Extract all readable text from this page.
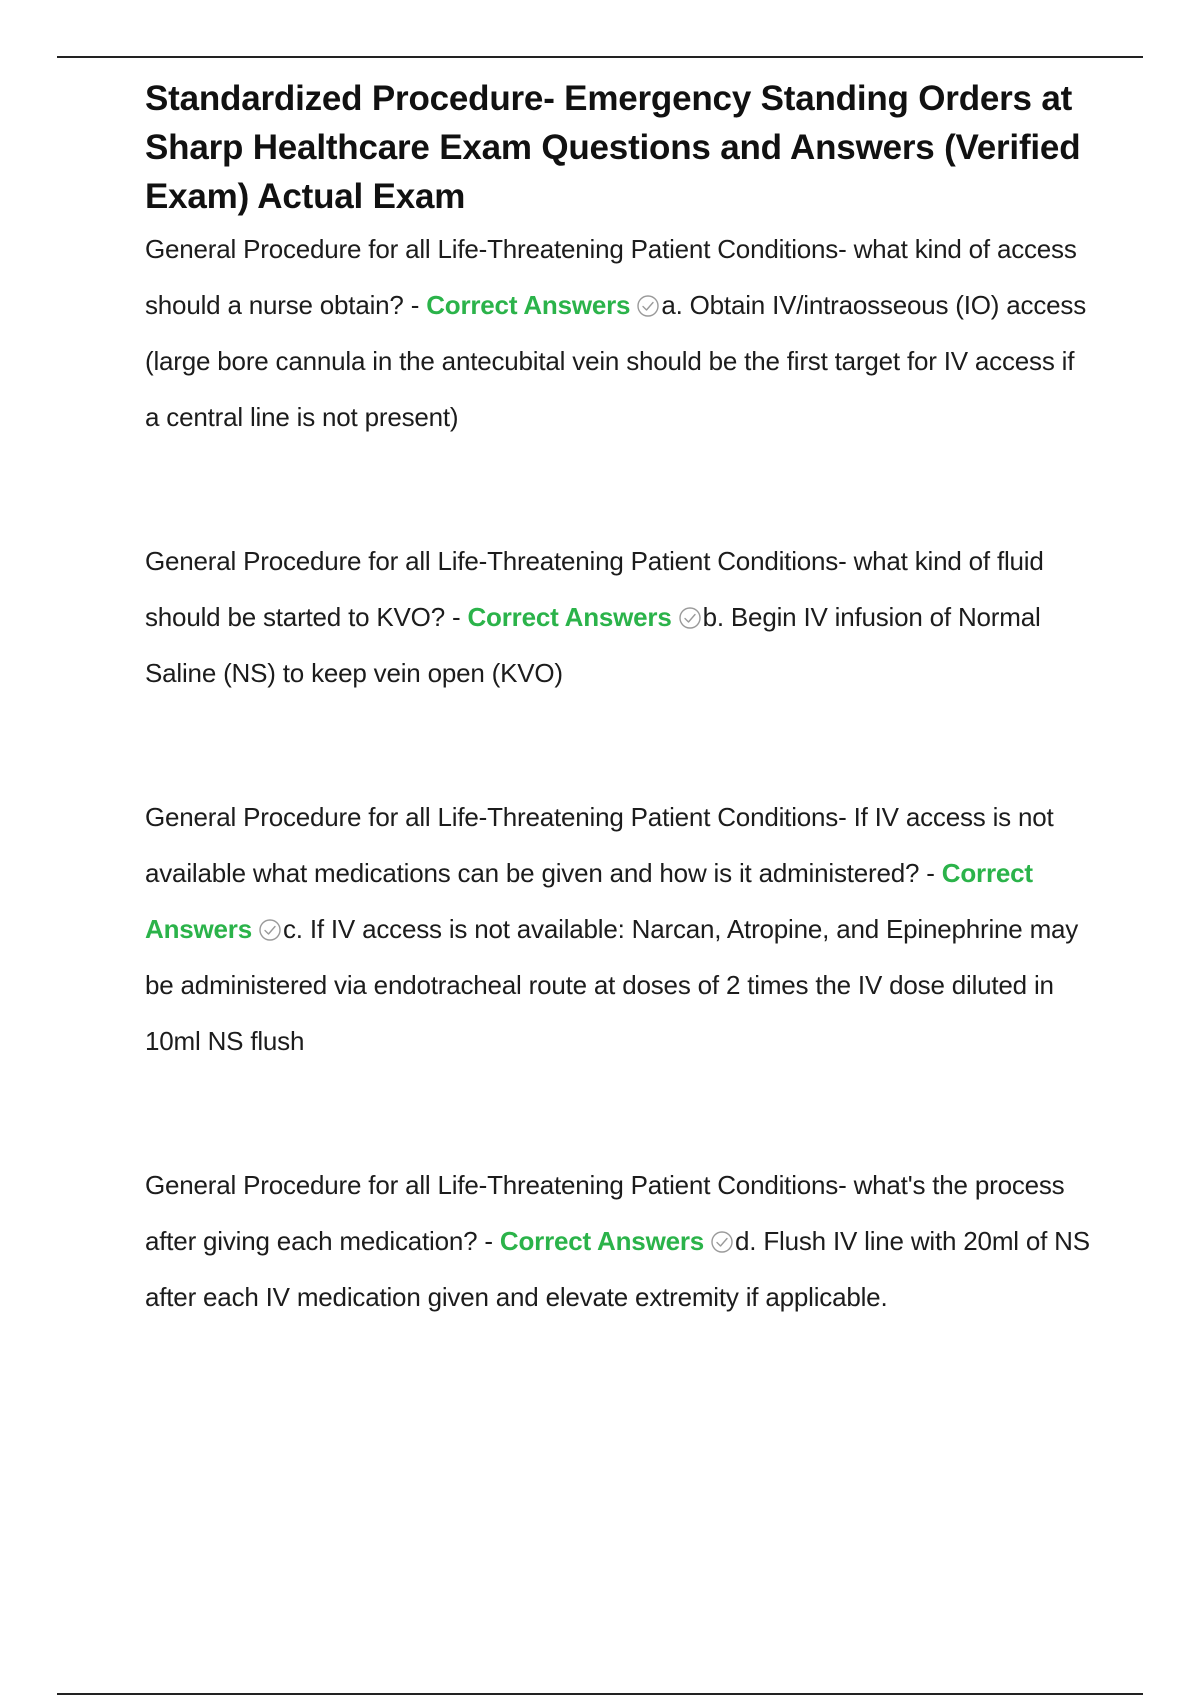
Standardized Procedure- Emergency Standing Orders at Sharp Healthcare Exam Questions and Answers (Verified Exam) Actual Exam

General Procedure for all Life-Threatening Patient Conditions- what kind of access should a nurse obtain? - Correct Answers a. Obtain IV/intraosseous (IO) access (large bore cannula in the antecubital vein should be the first target for IV access if a central line is not present)

General Procedure for all Life-Threatening Patient Conditions- what kind of fluid should be started to KVO? - Correct Answers b. Begin IV infusion of Normal Saline (NS) to keep vein open (KVO)

General Procedure for all Life-Threatening Patient Conditions- If IV access is not available what medications can be given and how is it administered? - Correct Answers c. If IV access is not available: Narcan, Atropine, and Epinephrine may be administered via endotracheal route at doses of 2 times the IV dose diluted in 10ml NS flush

General Procedure for all Life-Threatening Patient Conditions- what's the process after giving each medication? - Correct Answers d. Flush IV line with 20ml of NS after each IV medication given and elevate extremity if applicable.
